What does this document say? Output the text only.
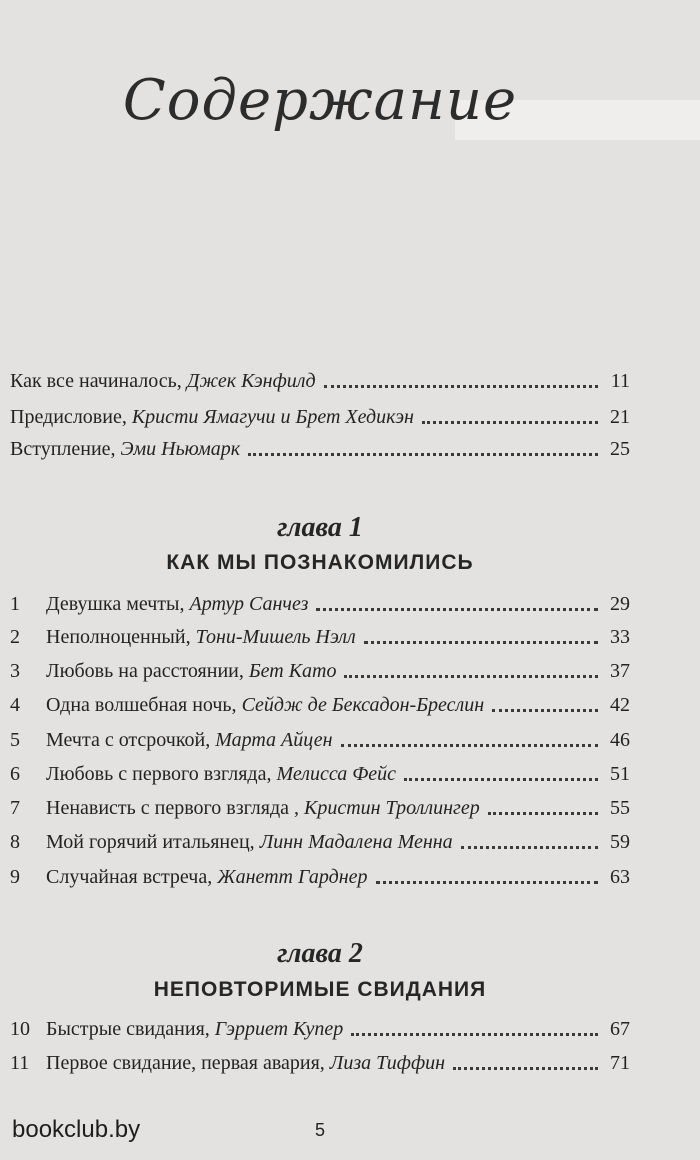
Содержание
Как все начиналось, Джек Кэнфилд	11
Предисловие, Кристи Ямагучи и Брет Хедикэн	21
Вступление, Эми Ньюмарк	25
глава 1
КАК МЫ ПОЗНАКОМИЛИСЬ
1	Девушка мечты, Артур Санчез	29
2	Неполноценный, Тони-Мишель Нэлл	33
3	Любовь на расстоянии, Бет Като	37
4	Одна волшебная ночь, Сейдж де Бексадон-Бреслин	42
5	Мечта с отсрочкой, Марта Айцен	46
6	Любовь с первого взгляда, Мелисса Фейс	51
7	Ненависть с первого взгляда , Кристин Троллингер	55
8	Мой горячий итальянец, Линн Мадалена Менна	59
9	Случайная встреча, Жанетт Гарднер	63
глава 2
НЕПОВТОРИМЫЕ СВИДАНИЯ
10 Быстрые свидания, Гэрриет Купер	67
11 Первое свидание, первая авария, Лиза Тиффин	71
5
bookclub.by
